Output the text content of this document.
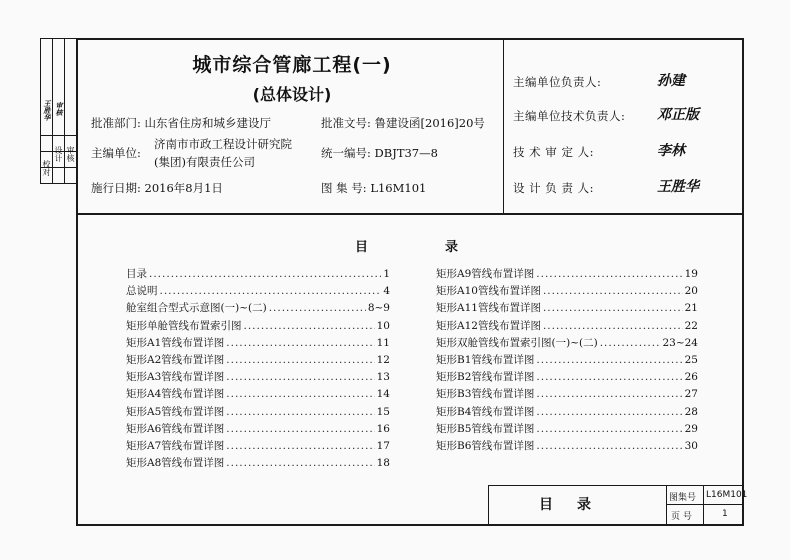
王胜华 审核
校对
设计 审核
城市综合管廊工程(一)
(总体设计)
批准部门: 山东省住房和城乡建设厅	批准文号: 鲁建设函[2016]20号
主编单位:
济南市市政工程设计研究院
(集团)有限责任公司
统一编号: DBJT37—8
施行日期: 2016年8月1日	图 集 号: L16M101
主编单位负责人:	孙建
主编单位技术负责人: 邓正版
技 术 审 定 人:	李林
设 计 负 责 人:	王胜华
目	录
目录 .....	1
总说明 .....	4
舱室组合型式示意图(一)~(二) .....	8~9
矩形单舱管线布置索引图 .....	10
矩形A1管线布置详图 .....	11
矩形A2管线布置详图 .....	12
矩形A3管线布置详图 .....	13
矩形A4管线布置详图 .....	14
矩形A5管线布置详图 .....	15
矩形A6管线布置详图 .....	16
矩形A7管线布置详图 .....	17
矩形A8管线布置详图 .....	18
矩形A9管线布置详图 .....	19
矩形A10管线布置详图 .....	20
矩形A11管线布置详图 .....	21
矩形A12管线布置详图 .....	22
矩形双舱管线布置索引图(一)~(二) .....	23~24
矩形B1管线布置详图 .....	25
矩形B2管线布置详图 .....	26
矩形B3管线布置详图 .....	27
矩形B4管线布置详图 .....	28
矩形B5管线布置详图 .....	29
矩形B6管线布置详图 .....	30
目录	图集号 L16M101
页 号	1
